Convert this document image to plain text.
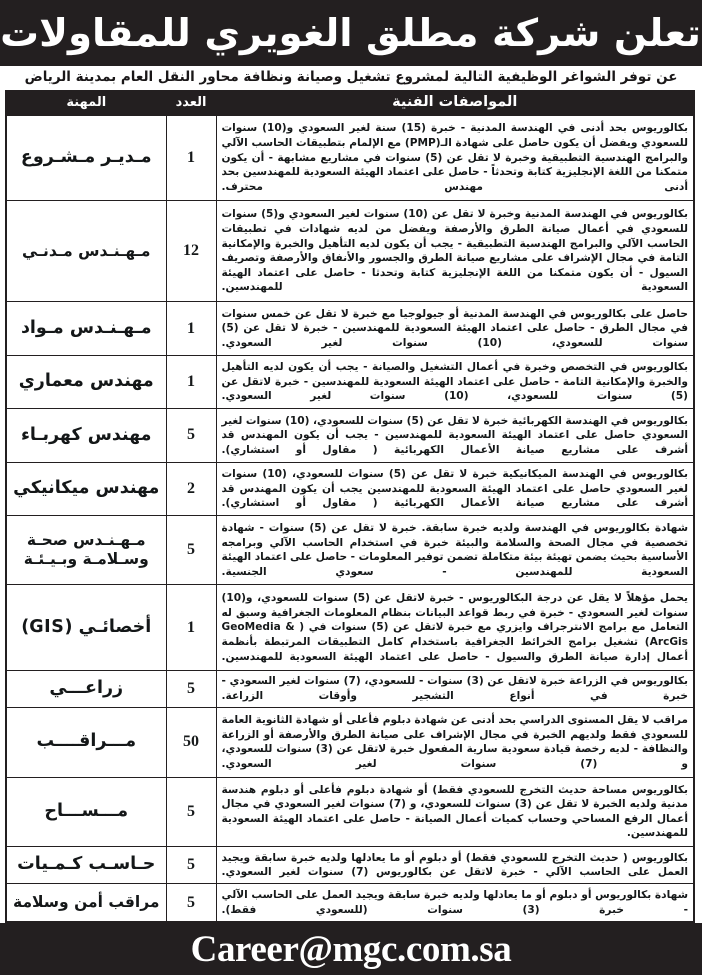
تعلن شركة مطلق الغويري للمقاولات
عن توفر الشواغر الوظيفية التالية لمشروع تشغيل وصيانة ونظافة محاور النقل العام بمدينة الرياض
المواصفات الفنية	العدد	المهنة
بكالوريوس بحد أدنى في الهندسة المدنية - خبرة (15) سنة لغير السعودي و(10) سنوات للسعودي ويفضل أن يكون حاصل على شهادة الـ(PMP) مع الإلمام بتطبيقات الحاسب الآلي والبرامج الهندسية التطبيقية وخبرة لا تقل عن (5) سنوات في مشاريع مشابهة - أن يكون متمكنا من اللغة الإنجليزية كتابة وتحدثاً - حاصل على اعتماد الهيئة السعودية للمهندسين بحد أدنى مهندس محترف.	1	مـديـر مـشـروع
بكالوريوس في الهندسة المدنية وخبرة لا تقل عن (10) سنوات لغير السعودي و(5) سنوات للسعودي في أعمال صيانة الطرق والأرصفة ويفضل من لديه شهادات في تطبيقات الحاسب الآلي والبرامج الهندسية التطبيقية - يجب أن يكون لديه التأهيل والخبرة والإمكانية التامة في مجال الإشراف على مشاريع صيانة الطرق والجسور والأنفاق والأرصفة وتصريف السيول - أن يكون متمكنا من اللغة الإنجليزية كتابة وتحدثا - حاصل على اعتماد الهيئة السعودية للمهندسين.	12	مـهـنـدس مـدنـي
حاصل على بكالوريوس في الهندسة المدنية أو جيولوجيا مع خبرة لا تقل عن خمس سنوات في مجال الطرق - حاصل على اعتماد الهيئة السعودية للمهندسين - خبرة لا تقل عن (5) سنوات للسعودي، (10) سنوات لغير السعودي.	1	مـهـنـدس مـواد
بكالوريوس في التخصص وخبرة في أعمال التشغيل والصيانة - يجب أن يكون لديه التأهيل والخبرة والإمكانية التامة - حاصل على اعتماد الهيئة السعودية للمهندسين - خبرة لاتقل عن (5) سنوات للسعودي، (10) سنوات لغير السعودي.	1	مهندس معماري
بكالوريوس في الهندسة الكهربائية خبرة لا تقل عن (5) سنوات للسعودي، (10) سنوات لغير السعودي حاصل على اعتماد الهيئة السعودية للمهندسين - يجب أن يكون المهندس قد أشرف على مشاريع صيانة الأعمال الكهربائية ( مقاول أو استشاري).	5	مهندس كهربـاء
بكالوريوس في الهندسة الميكانيكية خبرة لا تقل عن (5) سنوات للسعودي، (10) سنوات لغير السعودي حاصل على اعتماد الهيئة السعودية للمهندسين يجب أن يكون المهندس قد أشرف على مشاريع صيانة الأعمال الكهربائية ( مقاول أو استشاري).	2	مهندس ميكانيكي
شهادة بكالوريوس في الهندسة ولديه خبرة سابقة. خبرة لا تقل عن (5) سنوات - شهادة تخصصية في مجال الصحة والسلامة والبيئة خبرة في استخدام الحاسب الآلي وبرامجه الأساسية بحيث يضمن تهيئة بيئة متكاملة تضمن توفير المعلومات - حاصل على اعتماد الهيئة السعودية للمهندسين - سعودي الجنسية.	5	مـهـنـدس صحـة وسـلامـة وبـيـئـة
يحمل مؤهلاً لا يقل عن درجة البكالوريوس - خبرة لاتقل عن (5) سنوات للسعودي، و(10) سنوات لغير السعودي - خبرة في ربط قواعد البيانات بنظام المعلومات الجغرافية وسبق له التعامل مع برامج الانترجراف وايزري مع خبرة لاتقل عن (5) سنوات في ( GeoMedia & ArcGis) تشغيل برامج الخرائط الجغرافية باستخدام كامل التطبيقات المرتبطة بأنظمة أعمال إدارة صيانة الطرق والسيول - حاصل على اعتماد الهيئة السعودية للمهندسين.	1	أخصائـي (GIS)
بكالوريوس في الزراعة خبرة لاتقل عن (3) سنوات - للسعودي، (7) سنوات لغير السعودي - خبرة في أنواع التشجير وأوقات الزراعة.	5	زراعـــي
مراقب لا يقل المستوى الدراسي بحد أدنى عن شهادة دبلوم فأعلى أو شهادة الثانوية العامة للسعودي فقط ولديهم الخبرة في مجال الإشراف على صيانة الطرق والأرصفة أو الزراعة والنظافة - لديه رخصة قيادة سعودية سارية المفعول خبرة لاتقل عن (3) سنوات للسعودي، و (7) سنوات لغير السعودي.	50	مـــراقــــب
بكالوريوس مساحة حديث التخرج للسعودي فقط) أو شهادة دبلوم فأعلى أو دبلوم هندسة مدنية ولديه الخبرة لا تقل عن (3) سنوات للسعودي، و (7) سنوات لغير السعودي في مجال أعمال الرفع المساحي وحساب كميات أعمال الصيانة - حاصل على اعتماد الهيئة السعودية للمهندسين.	5	مـــســـاح
بكالوريوس ( حديث التخرج للسعودي فقط) أو دبلوم أو ما يعادلها ولديه خبرة سابقة ويجيد العمل على الحاسب الآلي - خبرة لاتقل عن بكالوريوس (7) سنوات لغير السعودي.	5	حـاسـب كـمـيات
شهادة بكالوريوس أو دبلوم أو ما يعادلها ولديه خبرة سابقة ويجيد العمل على الحاسب الآلي - خبرة (3) سنوات (للسعودي فقط).	5	مراقب أمن وسلامة
Career@mgc.com.sa
